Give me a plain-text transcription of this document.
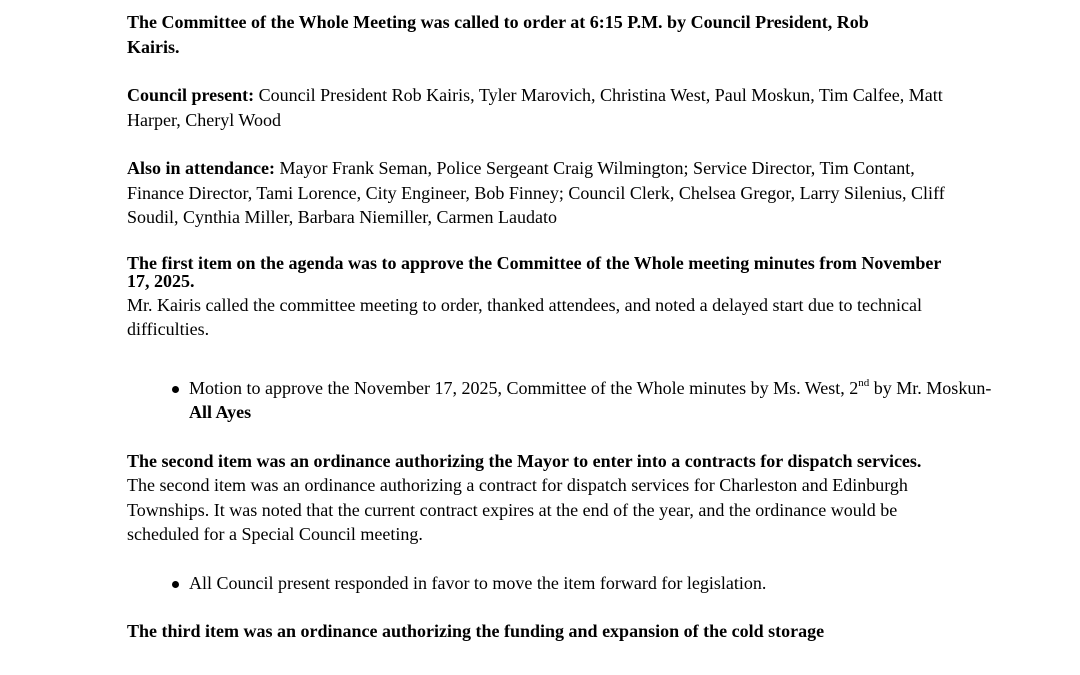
The Committee of the Whole Meeting was called to order at 6:15 P.M. by Council President, Rob Kairis.

Council present: Council President Rob Kairis, Tyler Marovich, Christina West, Paul Moskun, Tim Calfee, Matt Harper, Cheryl Wood

Also in attendance: Mayor Frank Seman, Police Sergeant Craig Wilmington; Service Director, Tim Contant, Finance Director, Tami Lorence, City Engineer, Bob Finney; Council Clerk, Chelsea Gregor, Larry Silenius, Cliff Soudil, Cynthia Miller, Barbara Niemiller, Carmen Laudato

The first item on the agenda was to approve the Committee of the Whole meeting minutes from November 17, 2025.

Mr. Kairis called the committee meeting to order, thanked attendees, and noted a delayed start due to technical difficulties.

Motion to approve the November 17, 2025, Committee of the Whole minutes by Ms. West, 2nd by Mr. Moskun- All Ayes

The second item was an ordinance authorizing the Mayor to enter into a contracts for dispatch services.

The second item was an ordinance authorizing a contract for dispatch services for Charleston and Edinburgh Townships. It was noted that the current contract expires at the end of the year, and the ordinance would be scheduled for a Special Council meeting.

All Council present responded in favor to move the item forward for legislation.

The third item was an ordinance authorizing the funding and expansion of the cold storage
